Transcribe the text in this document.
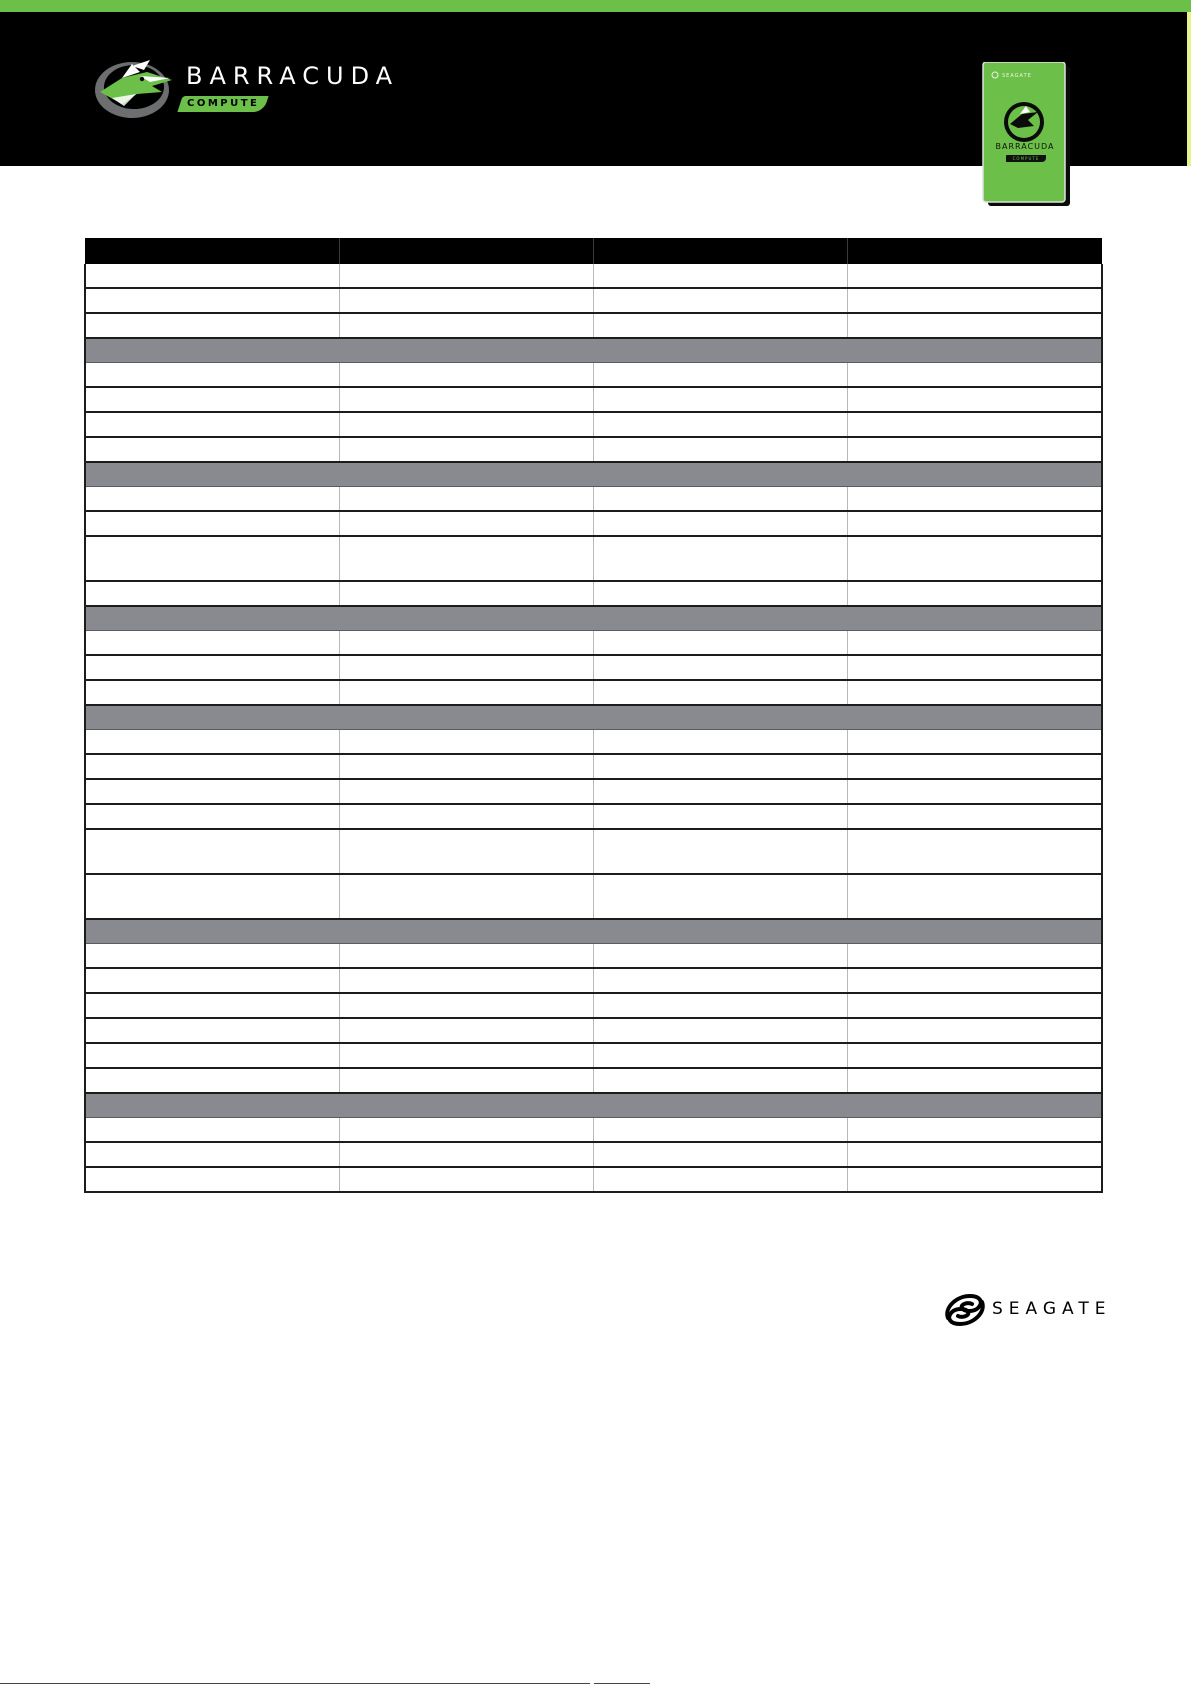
BARRACUDA
COMPUTE
SEAGATE
BARRACUDA
COMPUTE

SEAGATE
